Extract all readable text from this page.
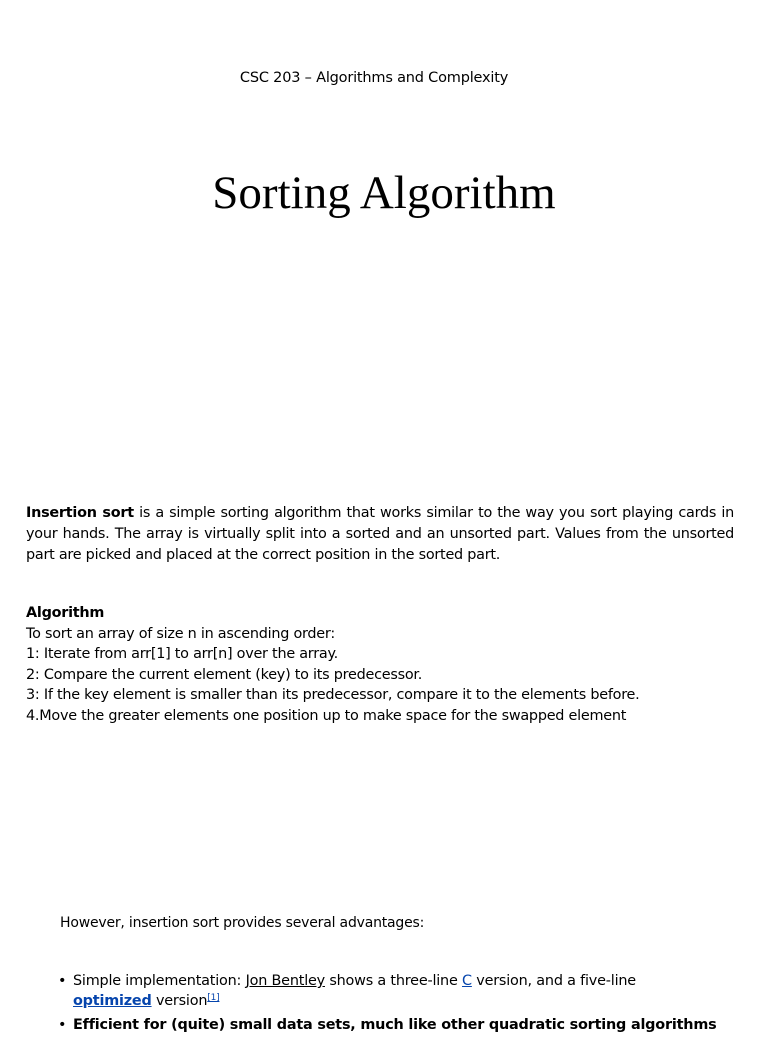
CSC 203 – Algorithms and Complexity
Sorting Algorithm

Insertion sort is a simple sorting algorithm that works similar to the way you sort playing cards in your hands. The array is virtually split into a sorted and an unsorted part. Values from the unsorted part are picked and placed at the correct position in the sorted part.

Algorithm
To sort an array of size n in ascending order:
1: Iterate from arr[1] to arr[n] over the array.
2: Compare the current element (key) to its predecessor.
3: If the key element is smaller than its predecessor, compare it to the elements before.
4.Move the greater elements one position up to make space for the swapped element
However, insertion sort provides several advantages:
• Simple implementation: Jon Bentley shows a three-line C version, and a five-line optimized version[1]
• Efficient for (quite) small data sets, much like other quadratic sorting algorithms
